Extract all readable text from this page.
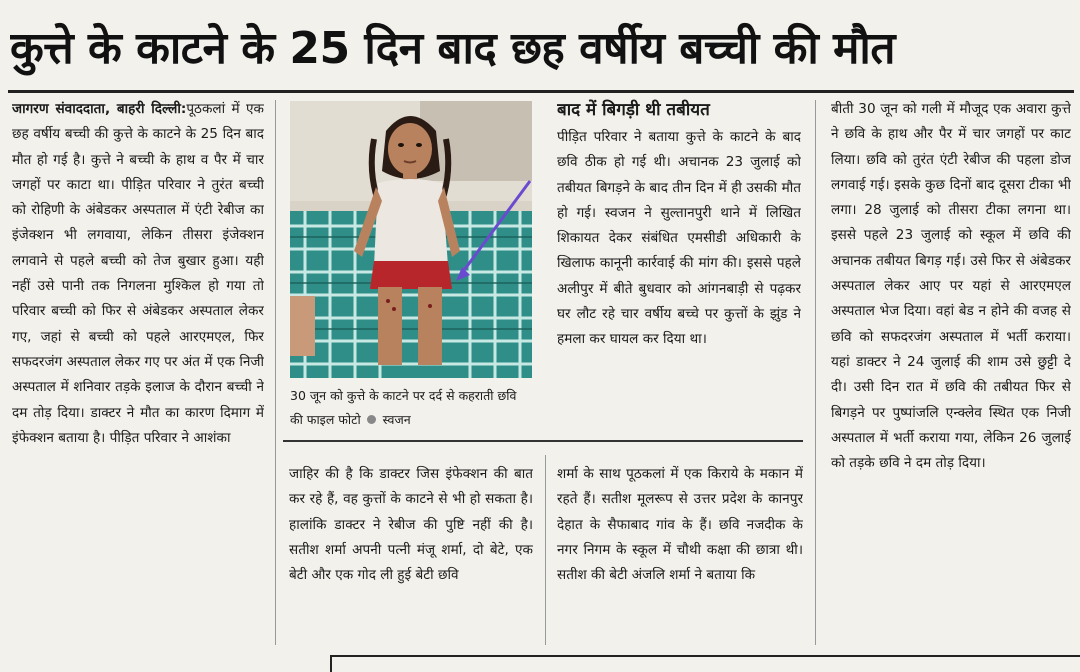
कुत्ते के काटने के 25 दिन बाद छह वर्षीय बच्ची की मौत

जागरण संवाददाता, बाहरी दिल्ली:पूठकलां में एक छह वर्षीय बच्ची की कुत्ते के काटने के 25 दिन बाद मौत हो गई है। कुत्ते ने बच्ची के हाथ व पैर में चार जगहों पर काटा था। पीड़ित परिवार ने तुरंत बच्ची को रोहिणी के अंबेडकर अस्पताल में एंटी रेबीज का इंजेक्शन भी लगवाया, लेकिन तीसरा इंजेक्शन लगवाने से पहले बच्ची को तेज बुखार हुआ। यही नहीं उसे पानी तक निगलना मुश्किल हो गया तो परिवार बच्ची को फिर से अंबेडकर अस्पताल लेकर गए, जहां से बच्ची को पहले आरएमएल, फिर सफदरजंग अस्पताल लेकर गए पर अंत में एक निजी अस्पताल में शनिवार तड़के इलाज के दौरान बच्ची ने दम तोड़ दिया। डाक्टर ने मौत का कारण दिमाग में इंफेक्शन बताया है। पीड़ित परिवार ने आशंका

30 जून को कुत्ते के काटने पर दर्द से कहराती छवि की फाइल फोटो स्वजन
बाद में बिगड़ी थी तबीयत

पीड़ित परिवार ने बताया कुत्ते के काटने के बाद छवि ठीक हो गई थी। अचानक 23 जुलाई को तबीयत बिगड़ने के बाद तीन दिन में ही उसकी मौत हो गई। स्वजन ने सुल्तानपुरी थाने में लिखित शिकायत देकर संबंधित एमसीडी अधिकारी के खिलाफ कानूनी कार्रवाई की मांग की। इससे पहले अलीपुर में बीते बुधवार को आंगनबाड़ी से पढ़कर घर लौट रहे चार वर्षीय बच्चे पर कुत्तों के झुंड ने हमला कर घायल कर दिया था।

जाहिर की है कि डाक्टर जिस इंफेक्शन की बात कर रहे हैं, वह कुत्तों के काटने से भी हो सकता है। हालांकि डाक्टर ने रेबीज की पुष्टि नहीं की है। सतीश शर्मा अपनी पत्नी मंजू शर्मा, दो बेटे, एक बेटी और एक गोद ली हुई बेटी छवि

शर्मा के साथ पूठकलां में एक किराये के मकान में रहते हैं। सतीश मूलरूप से उत्तर प्रदेश के कानपुर देहात के सैफाबाद गांव के हैं। छवि नजदीक के नगर निगम के स्कूल में चौथी कक्षा की छात्रा थी। सतीश की बेटी अंजलि शर्मा ने बताया कि

बीती 30 जून को गली में मौजूद एक अवारा कुत्ते ने छवि के हाथ और पैर में चार जगहों पर काट लिया। छवि को तुरंत एंटी रेबीज की पहला डोज लगवाई गई। इसके कुछ दिनों बाद दूसरा टीका भी लगा। 28 जुलाई को तीसरा टीका लगना था। इससे पहले 23 जुलाई को स्कूल में छवि की अचानक तबीयत बिगड़ गई। उसे फिर से अंबेडकर अस्पताल लेकर आए पर यहां से आरएमएल अस्पताल भेज दिया। वहां बेड न होने की वजह से छवि को सफदरजंग अस्पताल में भर्ती कराया। यहां डाक्टर ने 24 जुलाई की शाम उसे छुट्टी दे दी। उसी दिन रात में छवि की तबीयत फिर से बिगड़ने पर पुष्पांजलि एन्क्लेव स्थित एक निजी अस्पताल में भर्ती कराया गया, लेकिन 26 जुलाई को तड़के छवि ने दम तोड़ दिया।
